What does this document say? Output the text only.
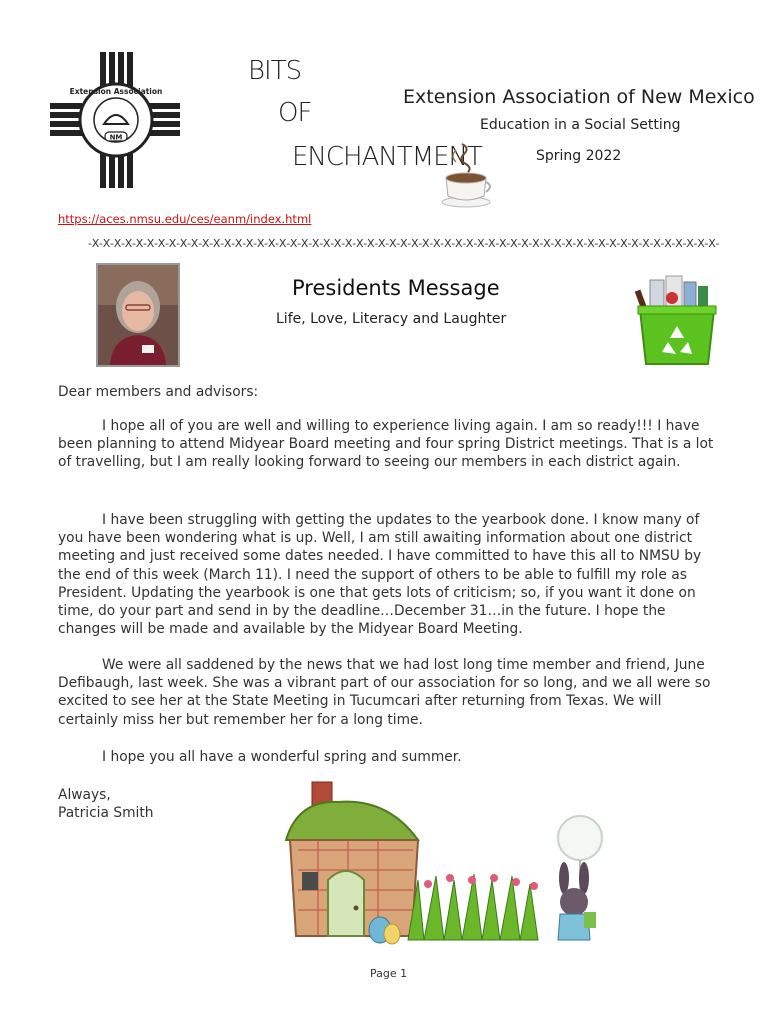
Extension Association
NM
BITS
OF
ENCHANTMENT
Extension Association of New Mexico
Education in a Social Setting
Spring 2022
https://aces.nmsu.edu/ces/eanm/index.html
-X-X-X-X-X-X-X-X-X-X-X-X-X-X-X-X-X-X-X-X-X-X-X-X-X-X-X-X-X-X-X-X-X-X-X-X-X-X-X-X-X-X-X-X-X-X-X-X-X-X-X-X-X-X-X-X-X-
Presidents Message
Life, Love, Literacy and Laughter
Dear members and advisors:

I hope all of you are well and willing to experience living again. I am so ready!!! I have been planning to attend Midyear Board meeting and four spring District meetings. That is a lot of travelling, but I am really looking forward to seeing our members in each district again.

I have been struggling with getting the updates to the yearbook done. I know many of you have been wondering what is up. Well, I am still awaiting information about one district meeting and just received some dates needed. I have committed to have this all to NMSU by the end of this week (March 11). I need the support of others to be able to fulfill my role as President. Updating the yearbook is one that gets lots of criticism; so, if you want it done on time, do your part and send in by the deadline…December 31…in the future. I hope the changes will be made and available by the Midyear Board Meeting.

We were all saddened by the news that we had lost long time member and friend, June Defibaugh, last week. She was a vibrant part of our association for so long, and we all were so excited to see her at the State Meeting in Tucumcari after returning from Texas. We will certainly miss her but remember her for a long time.

I hope you all have a wonderful spring and summer.

Always,
Patricia Smith
Page 1
